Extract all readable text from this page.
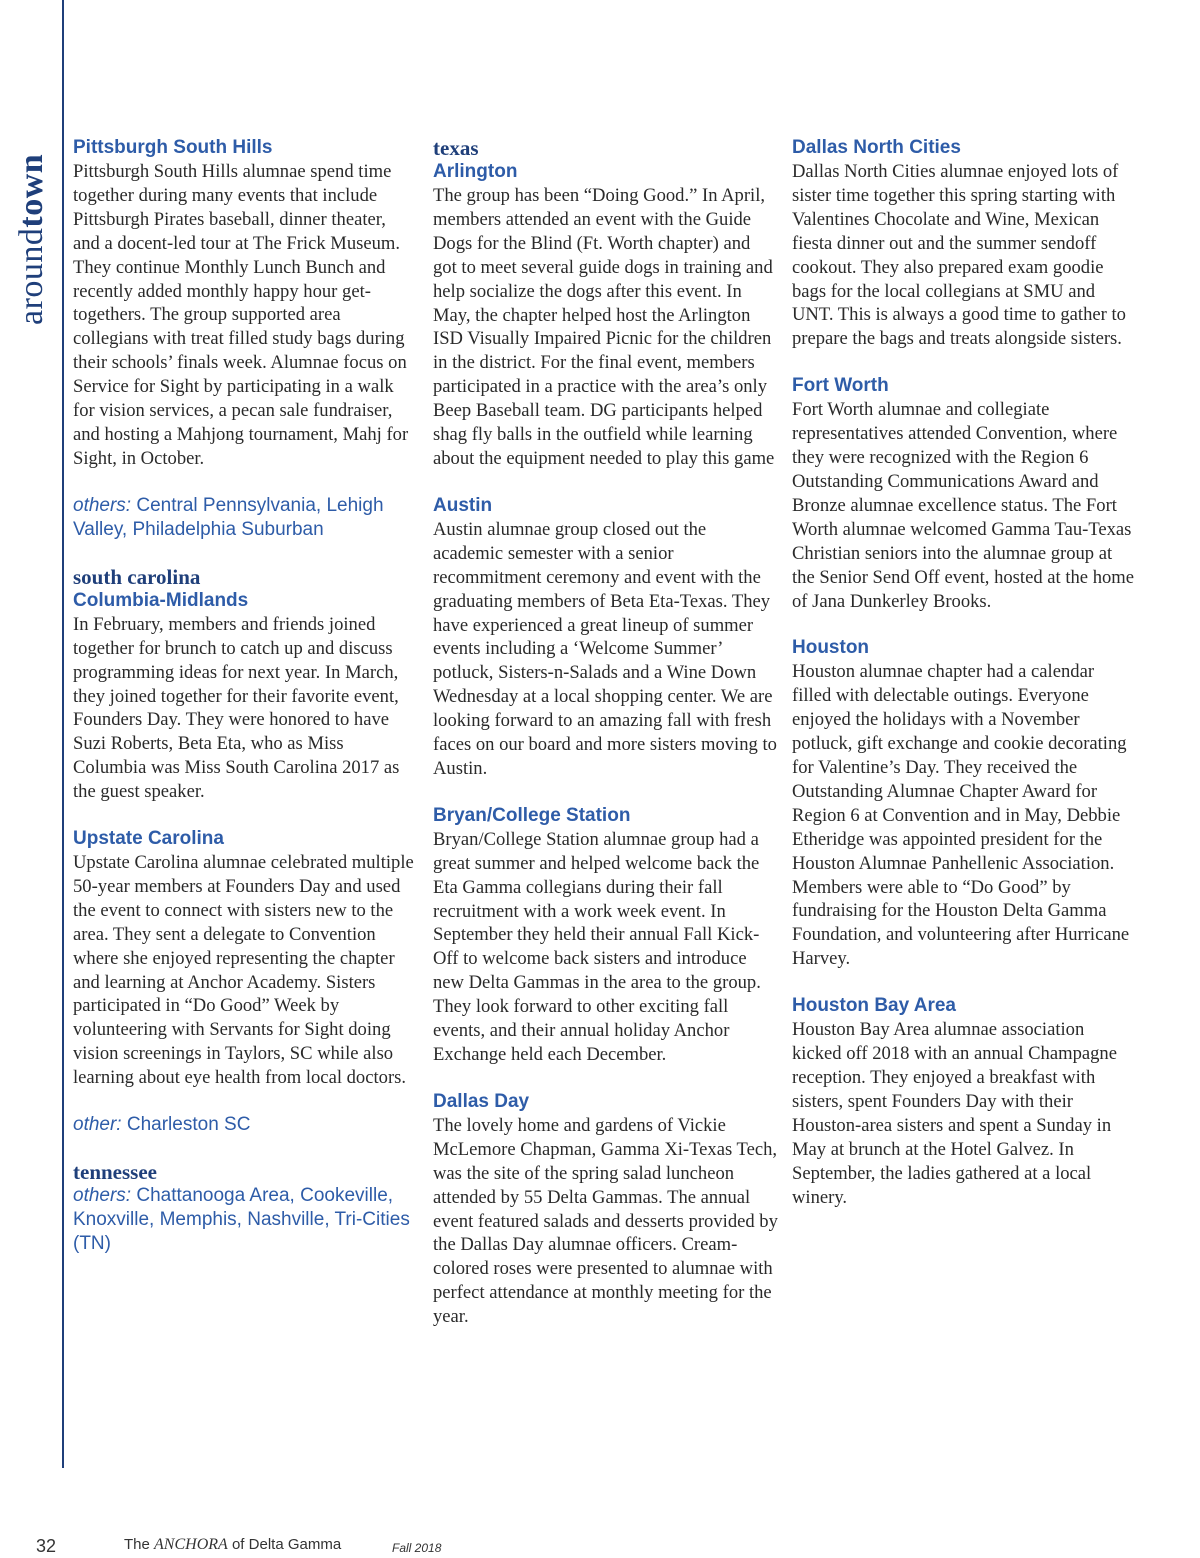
aroundtown
Pittsburgh South Hills

Pittsburgh South Hills alumnae spend time together during many events that include Pittsburgh Pirates baseball, dinner theater, and a docent-led tour at The Frick Museum. They continue Monthly Lunch Bunch and recently added monthly happy hour get-togethers. The group supported area collegians with treat filled study bags during their schools’ finals week. Alumnae focus on Service for Sight by participating in a walk for vision services, a pecan sale fundraiser, and hosting a Mahjong tournament, Mahj for Sight, in October.

others: Central Pennsylvania, Lehigh Valley, Philadelphia Suburban

south carolina
Columbia-Midlands

In February, members and friends joined together for brunch to catch up and discuss programming ideas for next year. In March, they joined together for their favorite event, Founders Day. They were honored to have Suzi Roberts, Beta Eta, who as Miss Columbia was Miss South Carolina 2017 as the guest speaker.

Upstate Carolina

Upstate Carolina alumnae celebrated multiple 50-year members at Founders Day and used the event to connect with sisters new to the area. They sent a delegate to Convention where she enjoyed representing the chapter and learning at Anchor Academy. Sisters participated in “Do Good” Week by volunteering with Servants for Sight doing vision screenings in Taylors, SC while also learning about eye health from local doctors.

other: Charleston SC

tennessee

others: Chattanooga Area, Cookeville, Knoxville, Memphis, Nashville, Tri-Cities (TN)

texas
Arlington

The group has been “Doing Good.” In April, members attended an event with the Guide Dogs for the Blind (Ft. Worth chapter) and got to meet several guide dogs in training and help socialize the dogs after this event. In May, the chapter helped host the Arlington ISD Visually Impaired Picnic for the children in the district. For the final event, members participated in a practice with the area’s only Beep Baseball team. DG participants helped shag fly balls in the outfield while learning about the equipment needed to play this game

Austin

Austin alumnae group closed out the academic semester with a senior recommitment ceremony and event with the graduating members of Beta Eta-Texas. They have experienced a great lineup of summer events including a ‘Welcome Summer’ potluck, Sisters-n-Salads and a Wine Down Wednesday at a local shopping center. We are looking forward to an amazing fall with fresh faces on our board and more sisters moving to Austin.

Bryan/College Station

Bryan/College Station alumnae group had a great summer and helped welcome back the Eta Gamma collegians during their fall recruitment with a work week event. In September they held their annual Fall Kick-Off to welcome back sisters and introduce new Delta Gammas in the area to the group. They look forward to other exciting fall events, and their annual holiday Anchor Exchange held each December.

Dallas Day

The lovely home and gardens of Vickie McLemore Chapman, Gamma Xi-Texas Tech, was the site of the spring salad luncheon attended by 55 Delta Gammas. The annual event featured salads and desserts provided by the Dallas Day alumnae officers. Cream-colored roses were presented to alumnae with perfect attendance at monthly meeting for the year.

Dallas North Cities

Dallas North Cities alumnae enjoyed lots of sister time together this spring starting with Valentines Chocolate and Wine, Mexican fiesta dinner out and the summer sendoff cookout. They also prepared exam goodie bags for the local collegians at SMU and UNT. This is always a good time to gather to prepare the bags and treats alongside sisters.

Fort Worth

Fort Worth alumnae and collegiate representatives attended Convention, where they were recognized with the Region 6 Outstanding Communications Award and Bronze alumnae excellence status. The Fort Worth alumnae welcomed Gamma Tau-Texas Christian seniors into the alumnae group at the Senior Send Off event, hosted at the home of Jana Dunkerley Brooks.

Houston

Houston alumnae chapter had a calendar filled with delectable outings. Everyone enjoyed the holidays with a November potluck, gift exchange and cookie decorating for Valentine’s Day. They received the Outstanding Alumnae Chapter Award for Region 6 at Convention and in May, Debbie Etheridge was appointed president for the Houston Alumnae Panhellenic Association. Members were able to “Do Good” by fundraising for the Houston Delta Gamma Foundation, and volunteering after Hurricane Harvey.

Houston Bay Area

Houston Bay Area alumnae association kicked off 2018 with an annual Champagne reception. They enjoyed a breakfast with sisters, spent Founders Day with their Houston-area sisters and spent a Sunday in May at brunch at the Hotel Galvez. In September, the ladies gathered at a local winery.

32	The ANCHORA of Delta Gamma	Fall 2018
